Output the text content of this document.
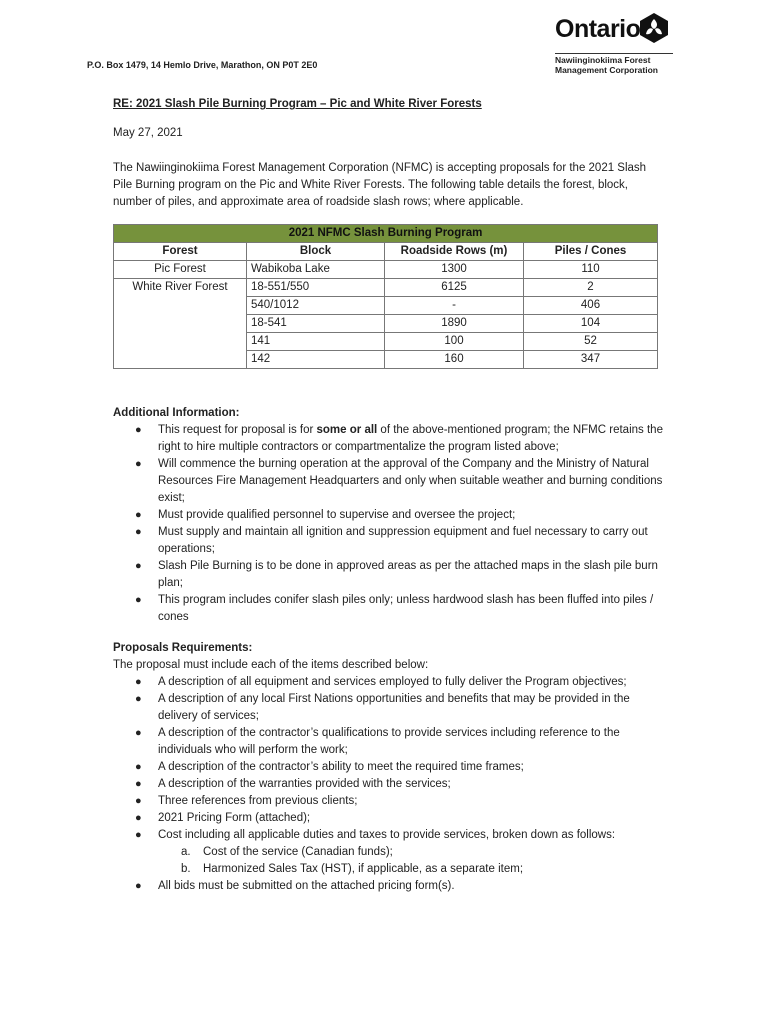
P.O. Box 1479, 14 Hemlo Drive, Marathon, ON P0T 2E0
Ontario
Nawiinginokiima Forest
Management Corporation

RE: 2021 Slash Pile Burning Program – Pic and White River Forests

May 27, 2021

The Nawiinginokiima Forest Management Corporation (NFMC) is accepting proposals for the 2021 Slash Pile Burning program on the Pic and White River Forests. The following table details the forest, block, number of piles, and approximate area of roadside slash rows; where applicable.

2021 NFMC Slash Burning Program			
Forest	Block	Roadside Rows (m)	Piles / Cones
Pic Forest	Wabikoba Lake	1300	110
White River Forest	18-551/550	6125	2
	540/1012	-	406
	18-541	1890	104
	141	100	52
	142	160	347

Additional Information:

● This request for proposal is for some or all of the above-mentioned program; the NFMC retains the right to hire multiple contractors or compartmentalize the program listed above;
● Will commence the burning operation at the approval of the Company and the Ministry of Natural Resources Fire Management Headquarters and only when suitable weather and burning conditions exist;
● Must provide qualified personnel to supervise and oversee the project;
● Must supply and maintain all ignition and suppression equipment and fuel necessary to carry out operations;
● Slash Pile Burning is to be done in approved areas as per the attached maps in the slash pile burn plan;
● This program includes conifer slash piles only; unless hardwood slash has been fluffed into piles / cones

Proposals Requirements:

The proposal must include each of the items described below:

● A description of all equipment and services employed to fully deliver the Program objectives;
● A description of any local First Nations opportunities and benefits that may be provided in the delivery of services;
● A description of the contractor’s qualifications to provide services including reference to the individuals who will perform the work;
● A description of the contractor’s ability to meet the required time frames;
● A description of the warranties provided with the services;
● Three references from previous clients;
● 2021 Pricing Form (attached);
● Cost including all applicable duties and taxes to provide services, broken down as follows:
a. Cost of the service (Canadian funds);
b. Harmonized Sales Tax (HST), if applicable, as a separate item;
● All bids must be submitted on the attached pricing form(s).
